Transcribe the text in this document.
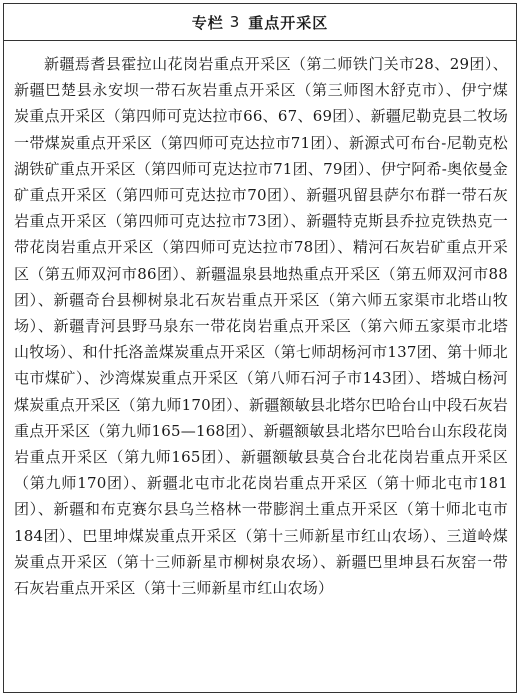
专栏 3 重点开采区
新疆焉耆县霍拉山花岗岩重点开采区（第二师铁门关市28、29团）、新疆巴楚县永安坝一带石灰岩重点开采区（第三师图木舒克市）、伊宁煤炭重点开采区（第四师可克达拉市66、67、69团）、新疆尼勒克县二牧场一带煤炭重点开采区（第四师可克达拉市71团）、新源式可布台-尼勒克松湖铁矿重点开采区（第四师可克达拉市71团、79团）、伊宁阿希-奥依曼金矿重点开采区（第四师可克达拉市70团）、新疆巩留县萨尔布群一带石灰岩重点开采区（第四师可克达拉市73团）、新疆特克斯县乔拉克铁热克一带花岗岩重点开采区（第四师可克达拉市78团）、精河石灰岩矿重点开采区（第五师双河市86团）、新疆温泉县地热重点开采区（第五师双河市88团）、新疆奇台县柳树泉北石灰岩重点开采区（第六师五家渠市北塔山牧场）、新疆青河县野马泉东一带花岗岩重点开采区（第六师五家渠市北塔山牧场）、和什托洛盖煤炭重点开采区（第七师胡杨河市137团、第十师北屯市煤矿）、沙湾煤炭重点开采区（第八师石河子市143团）、塔城白杨河煤炭重点开采区（第九师170团）、新疆额敏县北塔尔巴哈台山中段石灰岩重点开采区（第九师165—168团）、新疆额敏县北塔尔巴哈台山东段花岗岩重点开采区（第九师165团）、新疆额敏县莫合台北花岗岩重点开采区（第九师170团）、新疆北屯市北花岗岩重点开采区（第十师北屯市181团）、新疆和布克赛尔县乌兰格林一带膨润土重点开采区（第十师北屯市184团）、巴里坤煤炭重点开采区（第十三师新星市红山农场）、三道岭煤炭重点开采区（第十三师新星市柳树泉农场）、新疆巴里坤县石灰窑一带石灰岩重点开采区（第十三师新星市红山农场）
